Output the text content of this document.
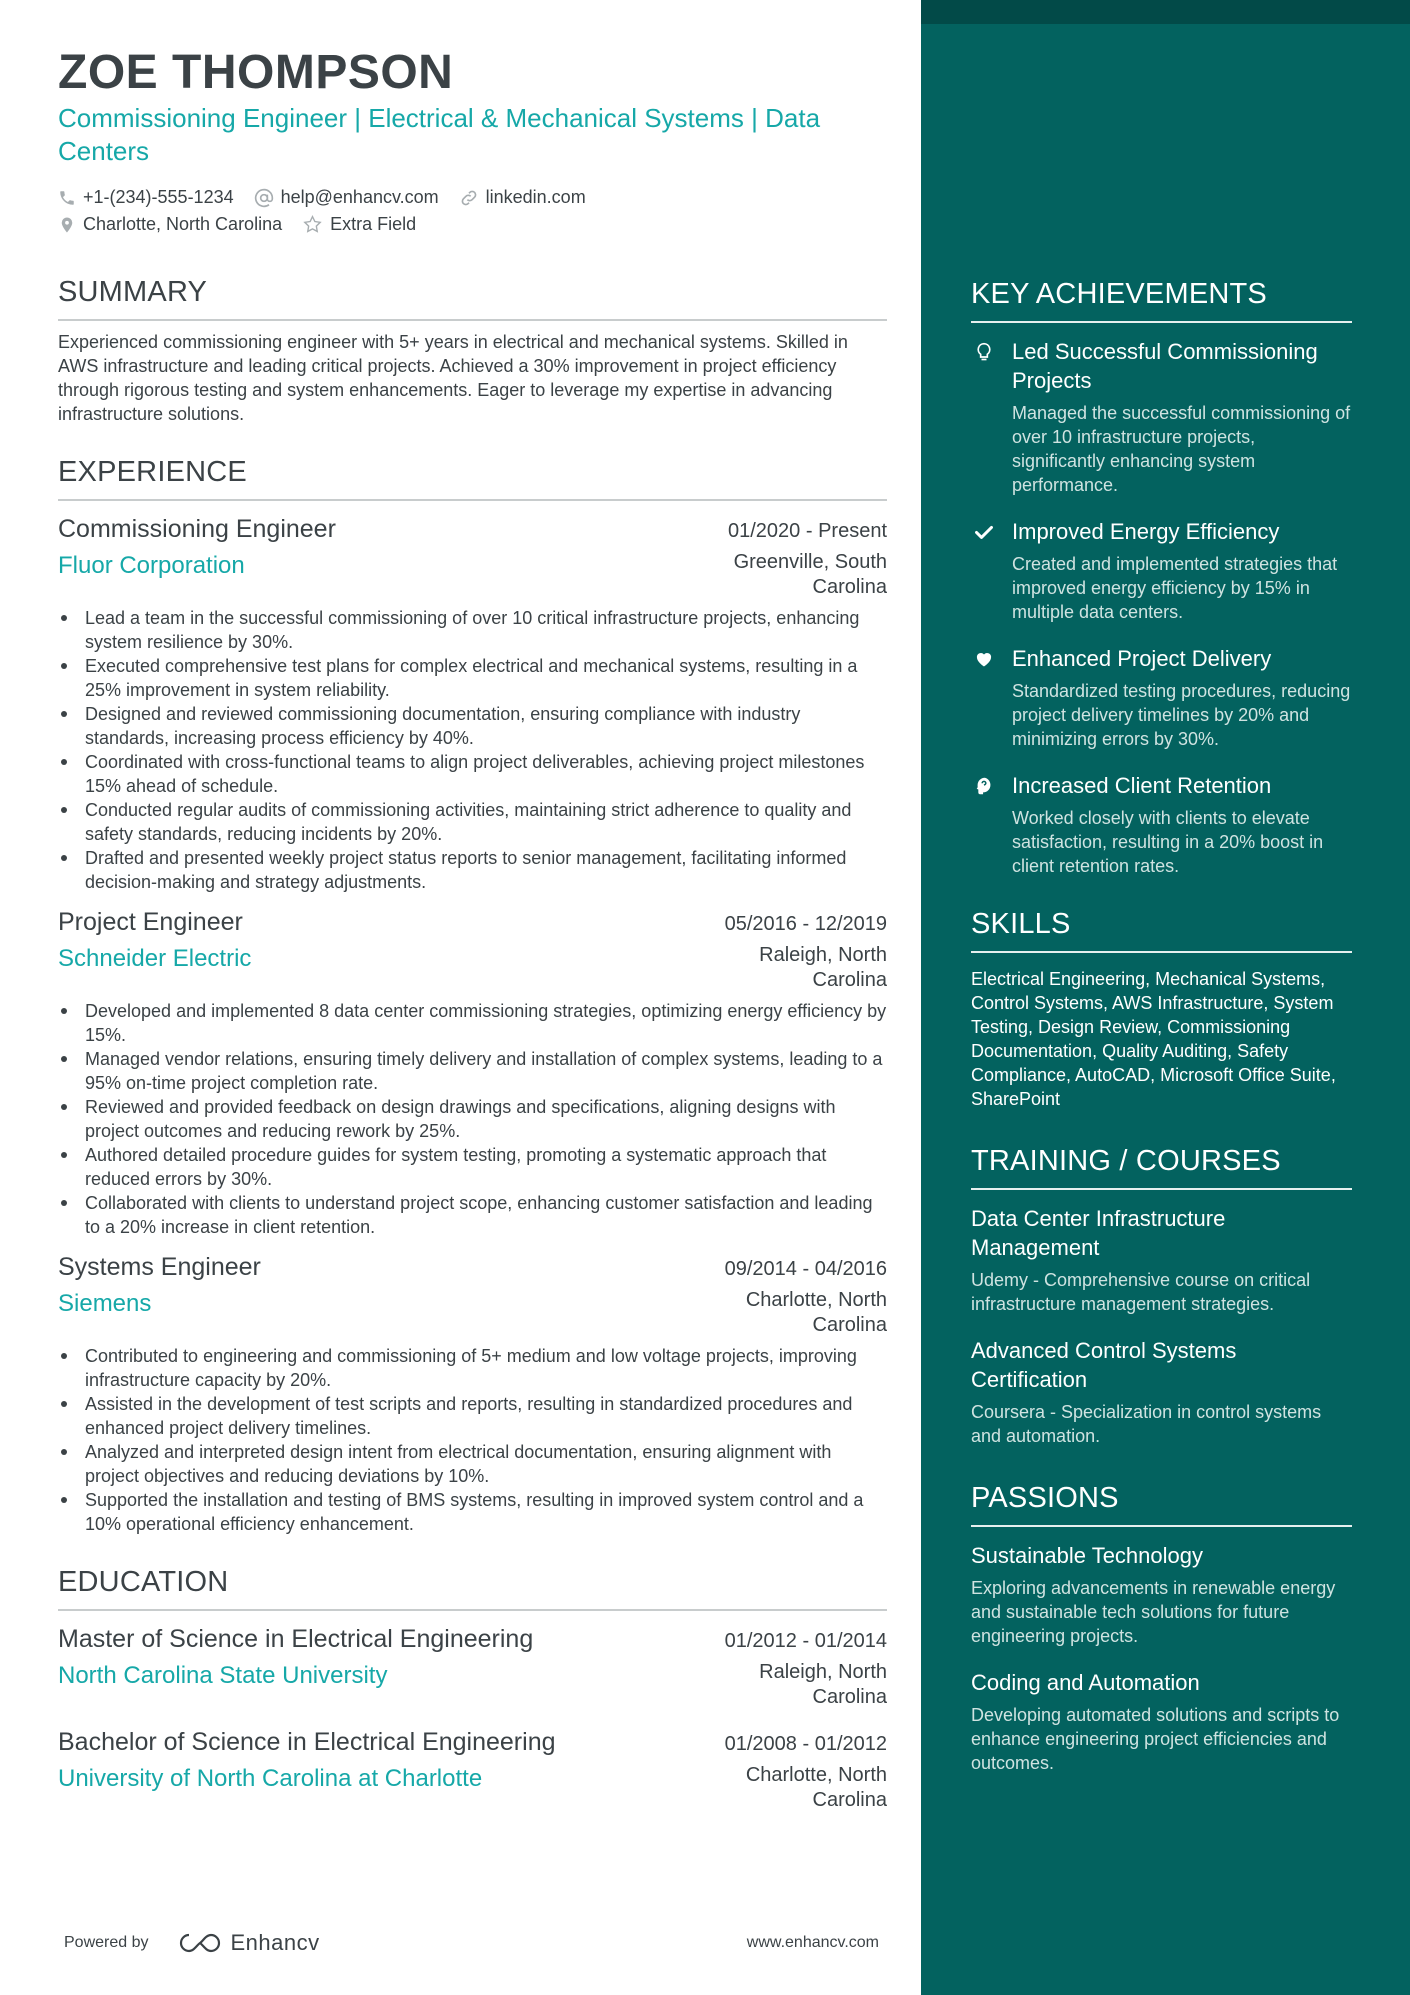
ZOE THOMPSON
Commissioning Engineer | Electrical & Mechanical Systems | Data Centers
+1-(234)-555-1234	help@enhancv.com	linkedin.com
Charlotte, North Carolina	Extra Field
SUMMARY
Experienced commissioning engineer with 5+ years in electrical and mechanical systems. Skilled in AWS infrastructure and leading critical projects. Achieved a 30% improvement in project efficiency through rigorous testing and system enhancements. Eager to leverage my expertise in advancing infrastructure solutions.
EXPERIENCE
Commissioning Engineer	01/2020 - Present
Fluor Corporation	Greenville, South Carolina
Lead a team in the successful commissioning of over 10 critical infrastructure projects, enhancing system resilience by 30%.
Executed comprehensive test plans for complex electrical and mechanical systems, resulting in a 25% improvement in system reliability.
Designed and reviewed commissioning documentation, ensuring compliance with industry standards, increasing process efficiency by 40%.
Coordinated with cross-functional teams to align project deliverables, achieving project milestones 15% ahead of schedule.
Conducted regular audits of commissioning activities, maintaining strict adherence to quality and safety standards, reducing incidents by 20%.
Drafted and presented weekly project status reports to senior management, facilitating informed decision-making and strategy adjustments.
Project Engineer	05/2016 - 12/2019
Schneider Electric	Raleigh, North Carolina
Developed and implemented 8 data center commissioning strategies, optimizing energy efficiency by 15%.
Managed vendor relations, ensuring timely delivery and installation of complex systems, leading to a 95% on-time project completion rate.
Reviewed and provided feedback on design drawings and specifications, aligning designs with project outcomes and reducing rework by 25%.
Authored detailed procedure guides for system testing, promoting a systematic approach that reduced errors by 30%.
Collaborated with clients to understand project scope, enhancing customer satisfaction and leading to a 20% increase in client retention.
Systems Engineer	09/2014 - 04/2016
Siemens	Charlotte, North Carolina
Contributed to engineering and commissioning of 5+ medium and low voltage projects, improving infrastructure capacity by 20%.
Assisted in the development of test scripts and reports, resulting in standardized procedures and enhanced project delivery timelines.
Analyzed and interpreted design intent from electrical documentation, ensuring alignment with project objectives and reducing deviations by 10%.
Supported the installation and testing of BMS systems, resulting in improved system control and a 10% operational efficiency enhancement.
EDUCATION
Master of Science in Electrical Engineering	01/2012 - 01/2014
North Carolina State University	Raleigh, North Carolina
Bachelor of Science in Electrical Engineering	01/2008 - 01/2012
University of North Carolina at Charlotte	Charlotte, North Carolina
KEY ACHIEVEMENTS
Led Successful Commissioning Projects
Managed the successful commissioning of over 10 infrastructure projects, significantly enhancing system performance.
Improved Energy Efficiency
Created and implemented strategies that improved energy efficiency by 15% in multiple data centers.
Enhanced Project Delivery
Standardized testing procedures, reducing project delivery timelines by 20% and minimizing errors by 30%.
Increased Client Retention
Worked closely with clients to elevate satisfaction, resulting in a 20% boost in client retention rates.
SKILLS
Electrical Engineering, Mechanical Systems, Control Systems, AWS Infrastructure, System Testing, Design Review, Commissioning Documentation, Quality Auditing, Safety Compliance, AutoCAD, Microsoft Office Suite, SharePoint
TRAINING / COURSES
Data Center Infrastructure Management
Udemy - Comprehensive course on critical infrastructure management strategies.
Advanced Control Systems Certification
Coursera - Specialization in control systems and automation.
PASSIONS
Sustainable Technology
Exploring advancements in renewable energy and sustainable tech solutions for future engineering projects.
Coding and Automation
Developing automated solutions and scripts to enhance engineering project efficiencies and outcomes.
Powered by	Enhancv	www.enhancv.com
